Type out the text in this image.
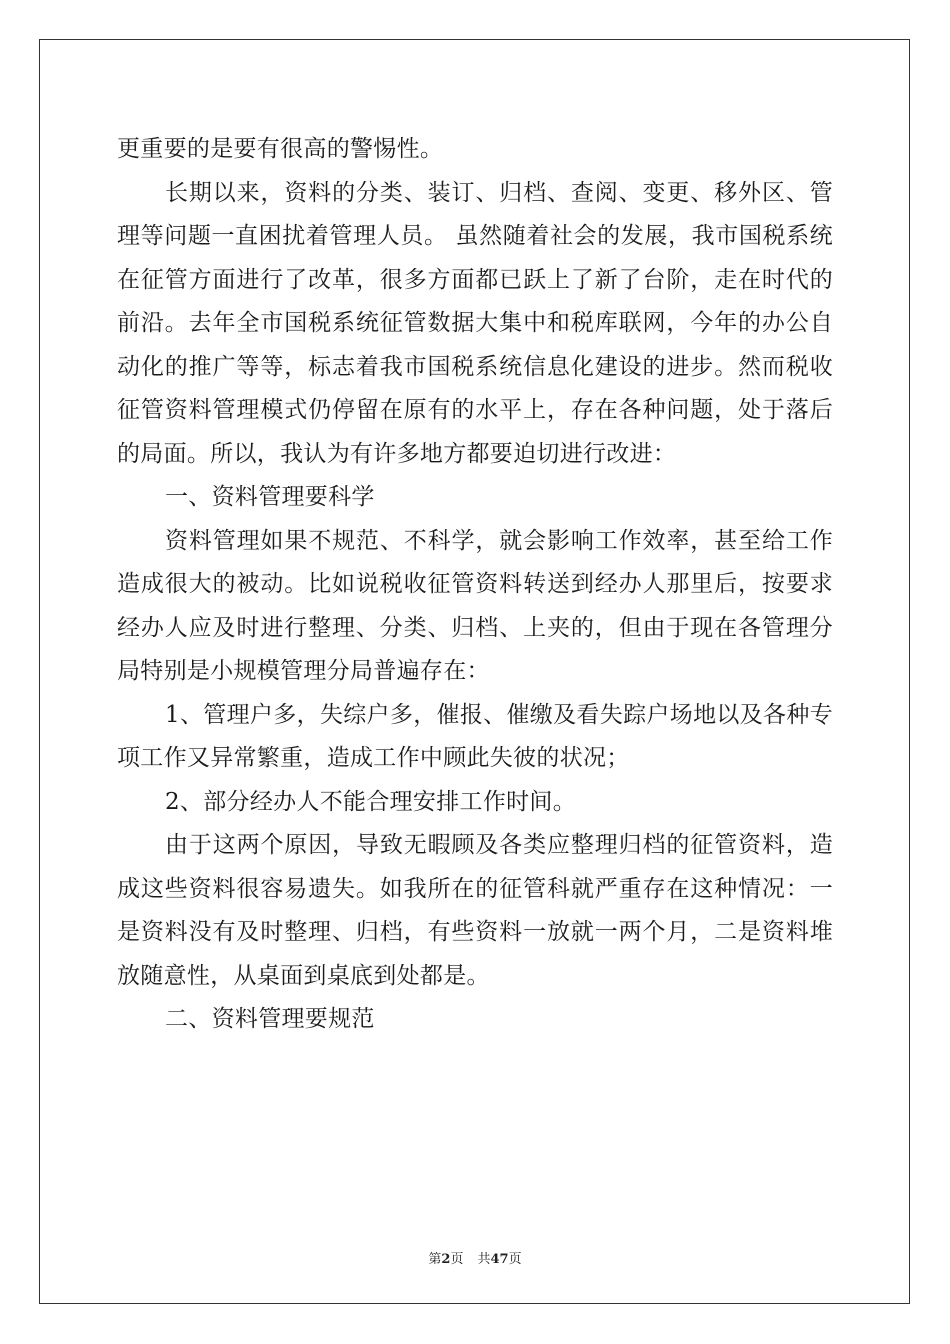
更重要的是要有很高的警惕性。

长期以来，资料的分类、装订、归档、查阅、变更、移外区、管理等问题一直困扰着管理人员。 虽然随着社会的发展，我市国税系统在征管方面进行了改革，很多方面都已跃上了新了台阶，走在时代的前沿。去年全市国税系统征管数据大集中和税库联网，今年的办公自动化的推广等等，标志着我市国税系统信息化建设的进步。然而税收征管资料管理模式仍停留在原有的水平上，存在各种问题，处于落后的局面。所以，我认为有许多地方都要迫切进行改进：

一、资料管理要科学

资料管理如果不规范、不科学，就会影响工作效率，甚至给工作造成很大的被动。比如说税收征管资料转送到经办人那里后，按要求经办人应及时进行整理、分类、归档、上夹的，但由于现在各管理分局特别是小规模管理分局普遍存在：

1、管理户多，失综户多，催报、催缴及看失踪户场地以及各种专项工作又异常繁重，造成工作中顾此失彼的状况；

2、部分经办人不能合理安排工作时间。

由于这两个原因，导致无暇顾及各类应整理归档的征管资料，造成这些资料很容易遗失。如我所在的征管科就严重存在这种情况：一是资料没有及时整理、归档，有些资料一放就一两个月，二是资料堆放随意性，从桌面到桌底到处都是。

二、资料管理要规范

第2页 共47页
